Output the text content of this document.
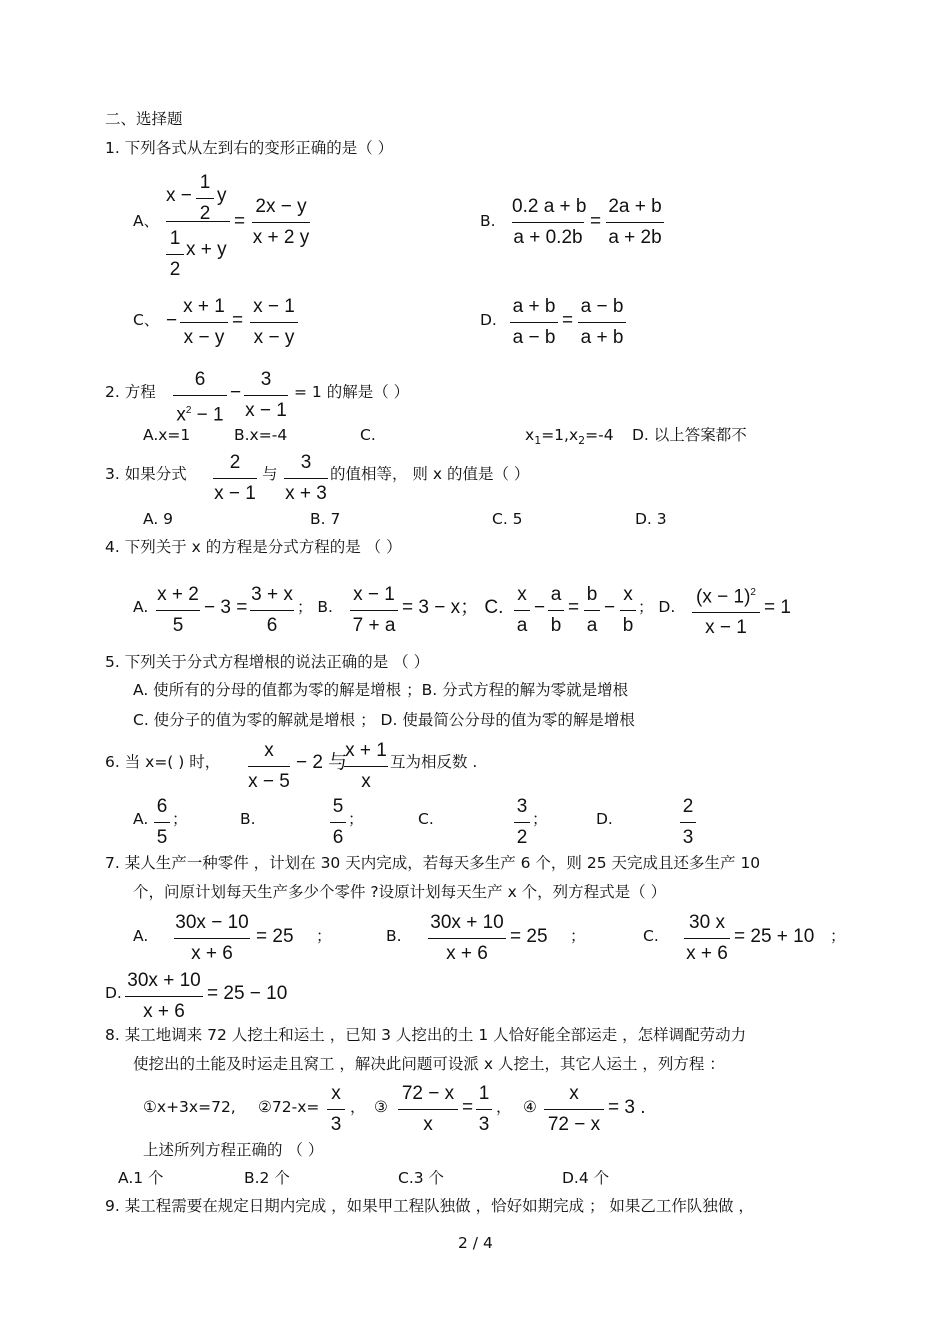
二、选择题
1. 下列各式从左到右的变形正确的是（ ）
A、
x −
1
2
y
1
2
x + y
=
2x − y
x + 2 y
B.
0.2 a + b
a + 0.2b
=
2a + b
a + 2b
C、 −
x + 1
x − y
=
x − 1
x − y
D.
a + b
a − b
=
a − b
a + b
2. 方程
6
$x^2 - 1$
−
3
x − 1
= 1 的解是（ ）
A.x=1	B.x=-4	C.	$x_1=1,x_2=-4$ D. 以上答案都不
3. 如果分式
2
x − 1
与
3
x + 3
的值相等， 则 x 的值是（ ）
A. 9	B. 7	C. 5	D. 3
4. 下列关于 x 的方程是分式方程的是 （ ）
A.
x + 2
5
− 3 =
3 + x
6
； B.
x − 1
7 + a
= 3 − x； C.
x
a
−
a
b
=
b
a
−
x
b
； D. $(x - 1)^2$
x − 1
= 1
5. 下列关于分式方程增根的说法正确的是 （ ）
A. 使所有的分母的值都为零的解是增根 ；B. 分式方程的解为零就是增根
C. 使分子的值为零的解就是增根 ； D. 使最简公分母的值为零的解是增根
6. 当 x=( ) 时，
x
x − 5
− 2 与
x + 1
x
互为相反数 .
A.
6
5
；	B.
5
6
；	C.
3
2
；	D.
2
3
7. 某人生产一种零件 ，计划在 30 天内完成，若每天多生产 6 个，则 25 天完成且还多生产 10
个，问原计划每天生产多少个零件 ?设原计划每天生产 x 个，列方程式是（ ）
A.
30x − 10
x + 6
= 25 ；	B.
30x + 10
x + 6
= 25 ；	C.
30 x
x + 6
= 25 + 10 ；
D.
30x + 10
x + 6
= 25 − 10
8. 某工地调来 72 人挖土和运土 ，已知 3 人挖出的土 1 人恰好能全部运走 ，怎样调配劳动力
使挖出的土能及时运走且窝工 ，解决此问题可设派 x 人挖土，其它人运土 ，列方程 ：
①x+3x=72, ②72-x=
x
3
， ③
72 − x
x
=
1
3
， ④
x
72 − x
= 3 .
上述所列方程正确的 （ ）
A.1 个	B.2 个	C.3 个	D.4 个
9. 某工程需要在规定日期内完成 ，如果甲工程队独做 ，恰好如期完成 ； 如果乙工作队独做 ，
2 / 4
